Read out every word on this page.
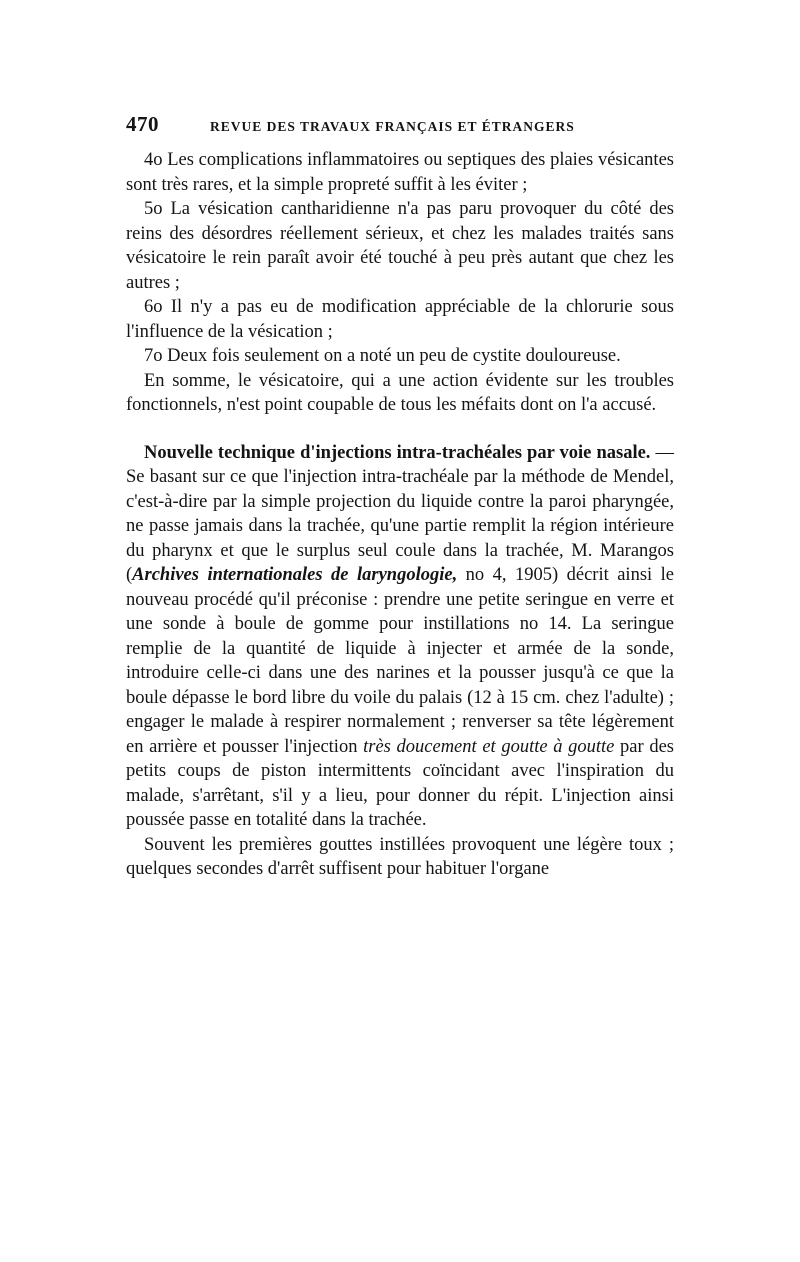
470	REVUE DES TRAVAUX FRANÇAIS ET ÉTRANGERS

4o Les complications inflammatoires ou septiques des plaies vésicantes sont très rares, et la simple propreté suffit à les éviter ;

5o La vésication cantharidienne n'a pas paru provoquer du côté des reins des désordres réellement sérieux, et chez les malades traités sans vésicatoire le rein paraît avoir été touché à peu près autant que chez les autres ;

6o Il n'y a pas eu de modification appréciable de la chlorurie sous l'influence de la vésication ;

7o Deux fois seulement on a noté un peu de cystite douloureuse.

En somme, le vésicatoire, qui a une action évidente sur les troubles fonctionnels, n'est point coupable de tous les méfaits dont on l'a accusé.

Nouvelle technique d'injections intra-trachéales par voie nasale. — Se basant sur ce que l'injection intra-trachéale par la méthode de Mendel, c'est-à-dire par la simple projection du liquide contre la paroi pharyngée, ne passe jamais dans la trachée, qu'une partie remplit la région intérieure du pharynx et que le surplus seul coule dans la trachée, M. Marangos (Archives internationales de laryngologie, no 4, 1905) décrit ainsi le nouveau procédé qu'il préconise : prendre une petite seringue en verre et une sonde à boule de gomme pour instillations no 14. La seringue remplie de la quantité de liquide à injecter et armée de la sonde, introduire celle-ci dans une des narines et la pousser jusqu'à ce que la boule dépasse le bord libre du voile du palais (12 à 15 cm. chez l'adulte) ; engager le malade à respirer normalement ; renverser sa tête légèrement en arrière et pousser l'injection très doucement et goutte à goutte par des petits coups de piston intermittents coïncidant avec l'inspiration du malade, s'arrêtant, s'il y a lieu, pour donner du répit. L'injection ainsi poussée passe en totalité dans la trachée.

Souvent les premières gouttes instillées provoquent une légère toux ; quelques secondes d'arrêt suffisent pour habituer l'organe
